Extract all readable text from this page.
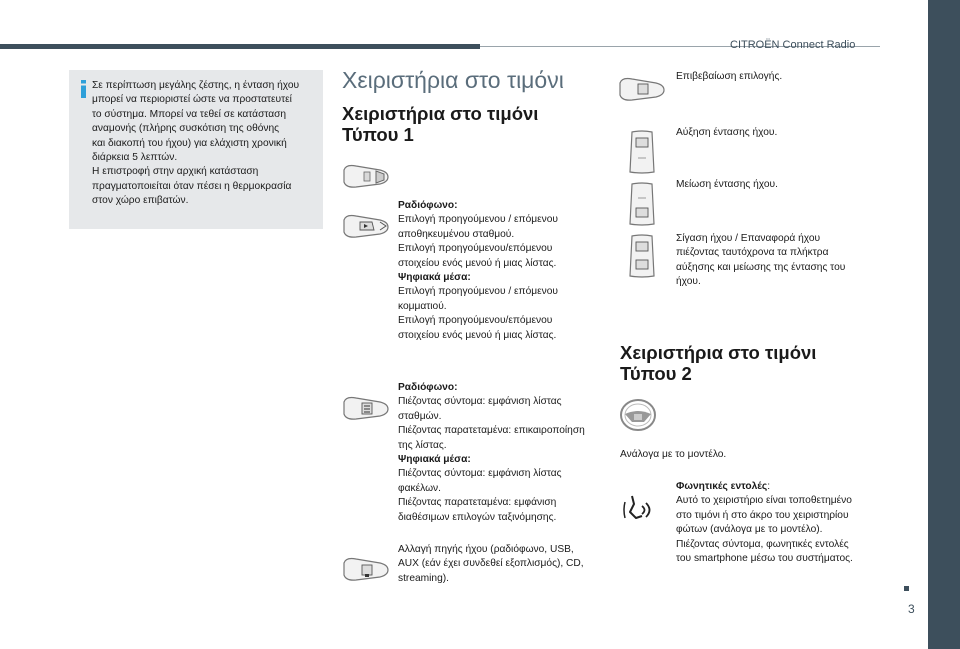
CITROËN Connect Radio
3
Σε περίπτωση μεγάλης ζέστης, η ένταση ήχου
μπορεί να περιοριστεί ώστε να προστατευτεί
το σύστημα. Μπορεί να τεθεί σε κατάσταση
αναμονής (πλήρης συσκότιση της οθόνης
και διακοπή του ήχου) για ελάχιστη χρονική
διάρκεια 5 λεπτών.
Η επιστροφή στην αρχική κατάσταση
πραγματοποιείται όταν πέσει η θερμοκρασία
στον χώρο επιβατών.
Χειριστήρια στο τιμόνι
Χειριστήρια στο τιμόνι
Τύπου 1
Ραδιόφωνο:
Επιλογή προηγούμενου / επόμενου
αποθηκευμένου σταθμού.
Επιλογή προηγούμενου/επόμενου
στοιχείου ενός μενού ή μιας λίστας.
Ψηφιακά μέσα:
Επιλογή προηγούμενου / επόμενου
κομματιού.
Επιλογή προηγούμενου/επόμενου
στοιχείου ενός μενού ή μιας λίστας.
Ραδιόφωνο:
Πιέζοντας σύντομα: εμφάνιση λίστας
σταθμών.
Πιέζοντας παρατεταμένα: επικαιροποίηση
της λίστας.
Ψηφιακά μέσα:
Πιέζοντας σύντομα: εμφάνιση λίστας
φακέλων.
Πιέζοντας παρατεταμένα: εμφάνιση
διαθέσιμων επιλογών ταξινόμησης.
Αλλαγή πηγής ήχου (ραδιόφωνο, USB,
AUX (εάν έχει συνδεθεί εξοπλισμός), CD,
streaming).
Επιβεβαίωση επιλογής.
Αύξηση έντασης ήχου.
Μείωση έντασης ήχου.
Σίγαση ήχου / Επαναφορά ήχου
πιέζοντας ταυτόχρονα τα πλήκτρα
αύξησης και μείωσης της έντασης του
ήχου.
Χειριστήρια στο τιμόνι
Τύπου 2
Ανάλογα με το μοντέλο.
Φωνητικές εντολές:
Αυτό το χειριστήριο είναι τοποθετημένο
στο τιμόνι ή στο άκρο του χειριστηρίου
φώτων (ανάλογα με το μοντέλο).
Πιέζοντας σύντομα, φωνητικές εντολές
του smartphone μέσω του συστήματος.
